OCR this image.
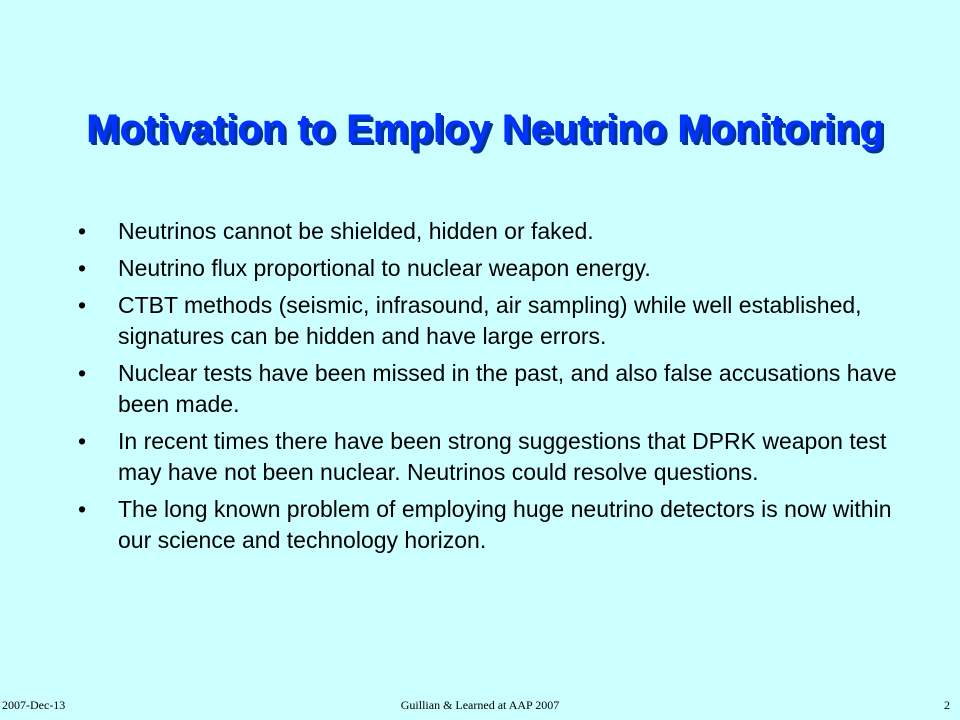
Motivation to Employ Neutrino Monitoring
•	Neutrinos cannot be shielded, hidden or faked.
•	Neutrino flux proportional to nuclear weapon energy.
•	CTBT methods (seismic, infrasound, air sampling) while well established, signatures can be hidden and have large errors.
•	Nuclear tests have been missed in the past, and also false accusations have been made.
•	In recent times there have been strong suggestions that DPRK weapon test may have not been nuclear. Neutrinos could resolve questions.
•	The long known problem of employing huge neutrino detectors is now within our science and technology horizon.
2007-Dec-13	Guillian & Learned at AAP 2007	2
